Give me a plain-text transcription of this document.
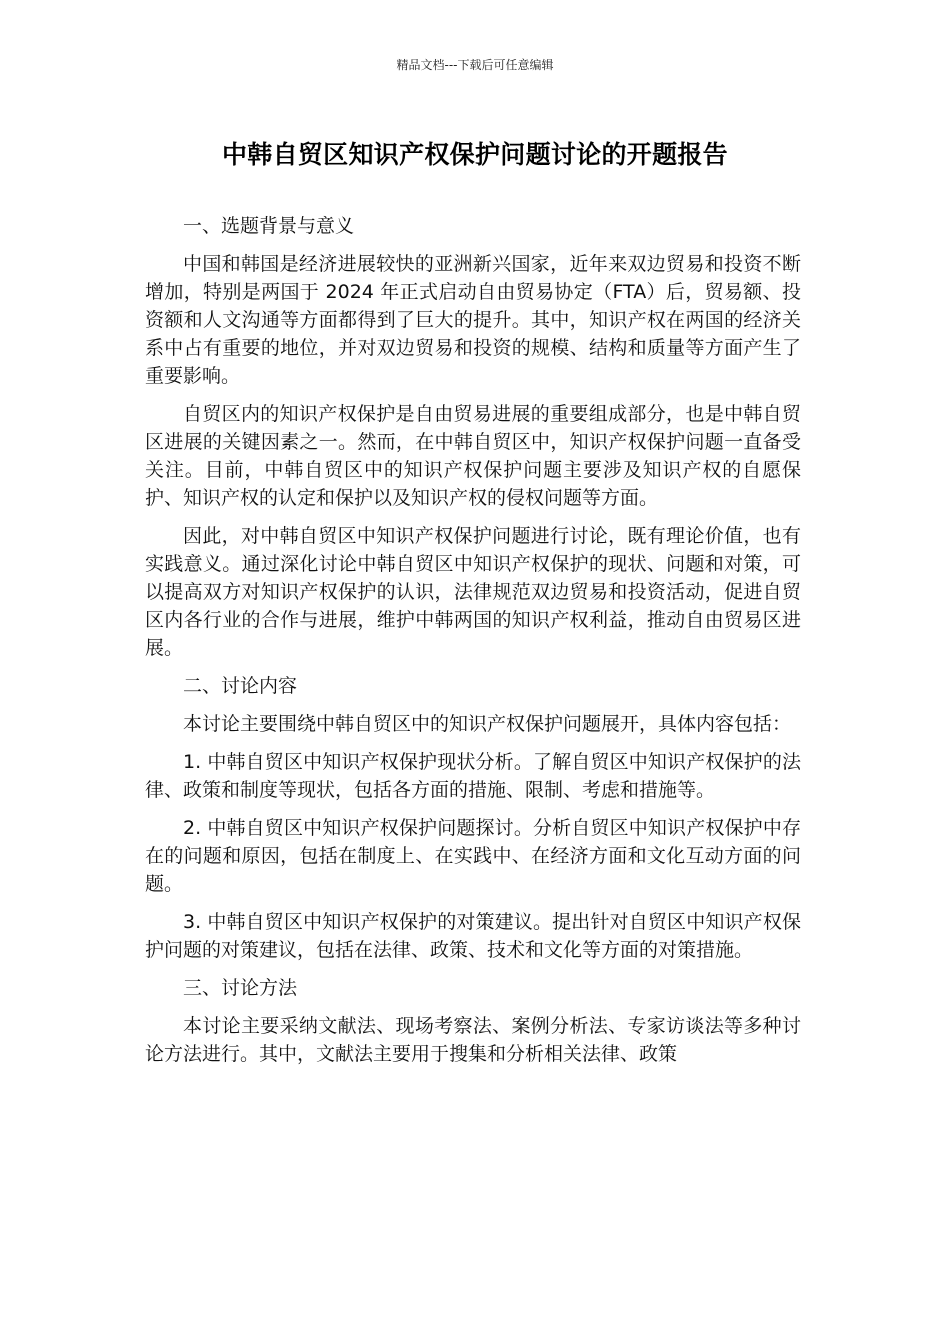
精品文档---下载后可任意编辑
中韩自贸区知识产权保护问题讨论的开题报告

一、选题背景与意义

中国和韩国是经济进展较快的亚洲新兴国家，近年来双边贸易和投资不断增加，特别是两国于 2024 年正式启动自由贸易协定（FTA）后，贸易额、投资额和人文沟通等方面都得到了巨大的提升。其中，知识产权在两国的经济关系中占有重要的地位，并对双边贸易和投资的规模、结构和质量等方面产生了重要影响。

自贸区内的知识产权保护是自由贸易进展的重要组成部分，也是中韩自贸区进展的关键因素之一。然而，在中韩自贸区中，知识产权保护问题一直备受关注。目前，中韩自贸区中的知识产权保护问题主要涉及知识产权的自愿保护、知识产权的认定和保护以及知识产权的侵权问题等方面。

因此，对中韩自贸区中知识产权保护问题进行讨论，既有理论价值，也有实践意义。通过深化讨论中韩自贸区中知识产权保护的现状、问题和对策，可以提高双方对知识产权保护的认识，法律规范双边贸易和投资活动，促进自贸区内各行业的合作与进展，维护中韩两国的知识产权利益，推动自由贸易区进展。

二、讨论内容

本讨论主要围绕中韩自贸区中的知识产权保护问题展开，具体内容包括：

1. 中韩自贸区中知识产权保护现状分析。了解自贸区中知识产权保护的法律、政策和制度等现状，包括各方面的措施、限制、考虑和措施等。

2. 中韩自贸区中知识产权保护问题探讨。分析自贸区中知识产权保护中存在的问题和原因，包括在制度上、在实践中、在经济方面和文化互动方面的问题。

3. 中韩自贸区中知识产权保护的对策建议。提出针对自贸区中知识产权保护问题的对策建议，包括在法律、政策、技术和文化等方面的对策措施。

三、讨论方法

本讨论主要采纳文献法、现场考察法、案例分析法、专家访谈法等多种讨论方法进行。其中，文献法主要用于搜集和分析相关法律、政策
